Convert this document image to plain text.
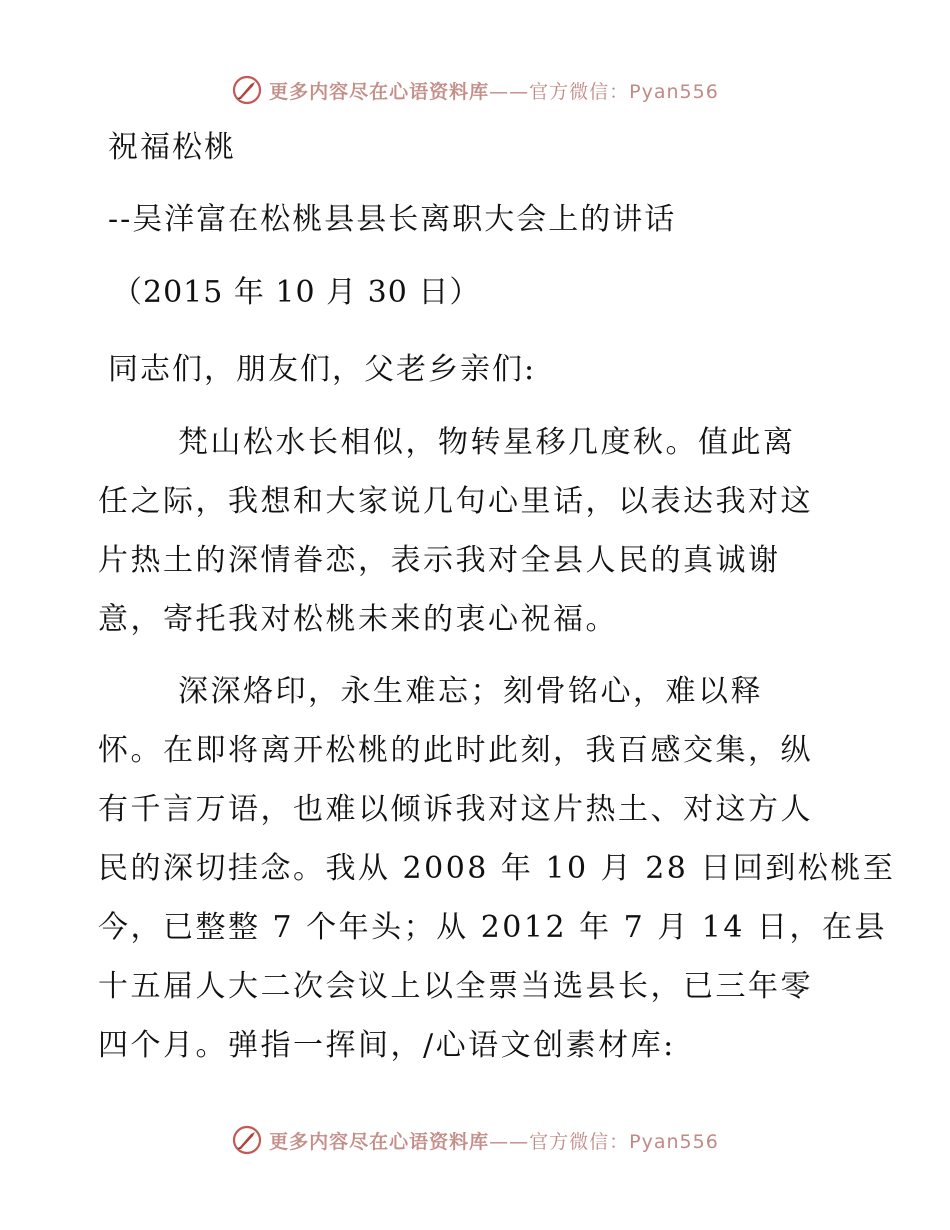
更多内容尽在心语资料库——官方微信：Pyan556
祝福松桃
--吴洋富在松桃县县长离职大会上的讲话
（2015 年 10 月 30 日）
同志们，朋友们，父老乡亲们:
梵山松水长相似，物转星移几度秋。值此离
任之际，我想和大家说几句心里话，以表达我对这
片热土的深情眷恋，表示我对全县人民的真诚谢
意，寄托我对松桃未来的衷心祝福。
深深烙印，永生难忘；刻骨铭心，难以释
怀。在即将离开松桃的此时此刻，我百感交集，纵
有千言万语，也难以倾诉我对这片热土、对这方人
民的深切挂念。我从 2008 年 10 月 28 日回到松桃至
今，已整整 7 个年头；从 2012 年 7 月 14 日，在县
十五届人大二次会议上以全票当选县长，已三年零
四个月。弹指一挥间，/心语文创素材库:
更多内容尽在心语资料库——官方微信：Pyan556
